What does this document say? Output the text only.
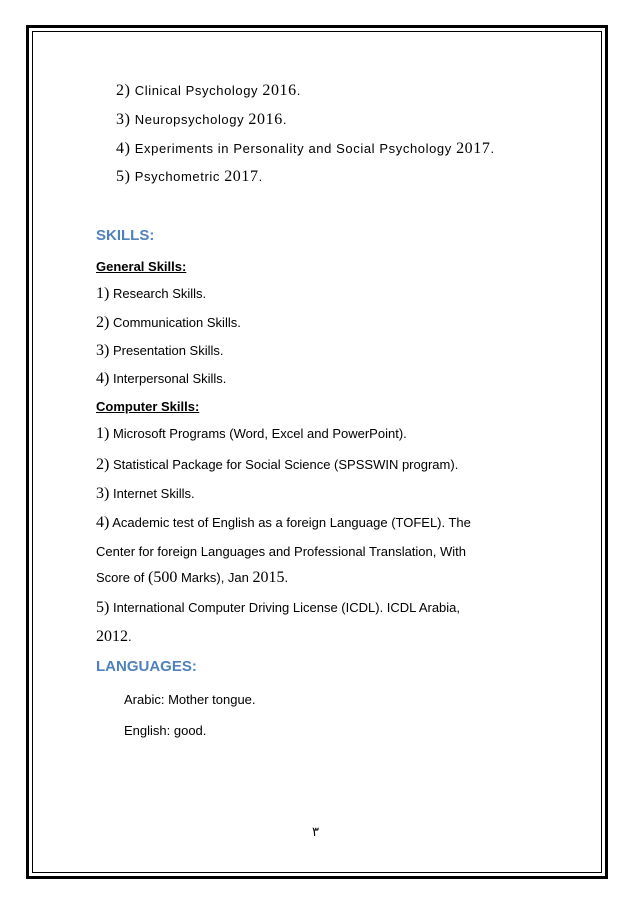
2) Clinical Psychology 2016.
3) Neuropsychology 2016.
4) Experiments in Personality and Social Psychology 2017.
5) Psychometric 2017.
SKILLS:
General Skills:
1) Research Skills.
2) Communication Skills.
3) Presentation Skills.
4) Interpersonal Skills.
Computer Skills:
1) Microsoft Programs (Word, Excel and PowerPoint).
2) Statistical Package for Social Science (SPSSWIN program).
3) Internet Skills.
4) Academic test of English as a foreign Language (TOFEL). The
Center for foreign Languages and Professional Translation, With
Score of (500 Marks), Jan 2015.
5) International Computer Driving License (ICDL). ICDL Arabia,
2012.
LANGUAGES:
Arabic: Mother tongue.
English: good.
٣
